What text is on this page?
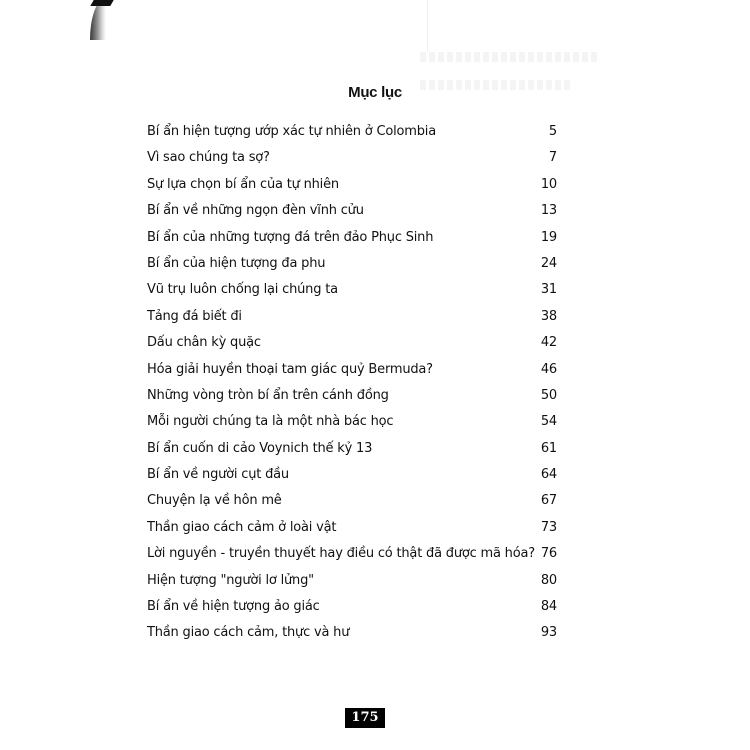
Mục lục
Bí ẩn hiện tượng ướp xác tự nhiên ở Colombia	5
Vì sao chúng ta sợ?	7
Sự lựa chọn bí ẩn của tự nhiên	10
Bí ẩn về những ngọn đèn vĩnh cửu	13
Bí ẩn của những tượng đá trên đảo Phục Sinh	19
Bí ẩn của hiện tượng đa phu	24
Vũ trụ luôn chống lại chúng ta	31
Tảng đá biết đi	38
Dấu chân kỳ quặc	42
Hóa giải huyền thoại tam giác quỷ Bermuda?	46
Những vòng tròn bí ẩn trên cánh đồng	50
Mỗi người chúng ta là một nhà bác học	54
Bí ẩn cuốn di cảo Voynich thế kỷ 13	61
Bí ẩn về người cụt đầu	64
Chuyện lạ về hôn mê	67
Thần giao cách cảm ở loài vật	73
Lời nguyền - truyền thuyết hay điều có thật đã được mã hóa? 76
Hiện tượng "người lơ lửng"	80
Bí ẩn về hiện tượng ảo giác	84
Thần giao cách cảm, thực và hư	93
175
